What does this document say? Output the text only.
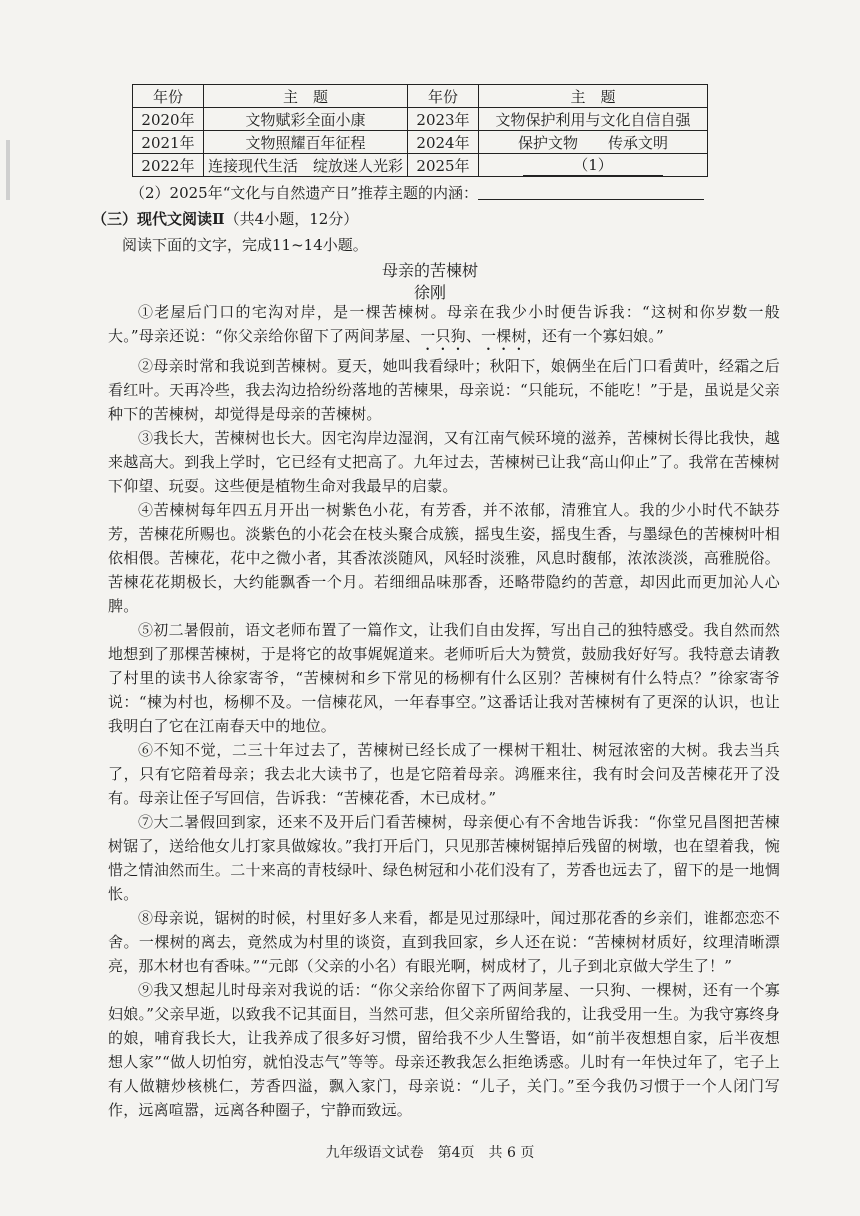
年份	主　题	年份	主　题
2020年	文物赋彩全面小康	2023年	文物保护利用与文化自信自强
2021年	文物照耀百年征程	2024年	保护文物　　传承文明
2022年	连接现代生活　绽放迷人光彩	2025年	（1）
（2）2025年“文化与自然遗产日”推荐主题的内涵：
（三）现代文阅读Ⅱ（共4小题，12分）
阅读下面的文字，完成11~14小题。
母亲的苦楝树
徐刚
①老屋后门口的宅沟对岸，是一棵苦楝树。母亲在我少小时便告诉我：“这树和你岁数一般大。”母亲还说：“你父亲给你留下了两间茅屋、一只狗、一棵树，还有一个寡妇娘。”
②母亲时常和我说到苦楝树。夏天，她叫我看绿叶；秋阳下，娘俩坐在后门口看黄叶，经霜之后看红叶。天再冷些，我去沟边拾纷纷落地的苦楝果，母亲说：“只能玩，不能吃！”于是，虽说是父亲种下的苦楝树，却觉得是母亲的苦楝树。
③我长大，苦楝树也长大。因宅沟岸边湿润，又有江南气候环境的滋养，苦楝树长得比我快，越来越高大。到我上学时，它已经有丈把高了。九年过去，苦楝树已让我“高山仰止”了。我常在苦楝树下仰望、玩耍。这些便是植物生命对我最早的启蒙。
④苦楝树每年四五月开出一树紫色小花，有芳香，并不浓郁，清雅宜人。我的少小时代不缺芬芳，苦楝花所赐也。淡紫色的小花会在枝头聚合成簇，摇曳生姿，摇曳生香，与墨绿色的苦楝树叶相依相偎。苦楝花，花中之微小者，其香浓淡随风，风轻时淡雅，风息时馥郁，浓浓淡淡，高雅脱俗。苦楝花花期极长，大约能飘香一个月。若细细品味那香，还略带隐约的苦意，却因此而更加沁人心脾。
⑤初二暑假前，语文老师布置了一篇作文，让我们自由发挥，写出自己的独特感受。我自然而然地想到了那棵苦楝树，于是将它的故事娓娓道来。老师听后大为赞赏，鼓励我好好写。我特意去请教了村里的读书人徐家寄爷，“苦楝树和乡下常见的杨柳有什么区别？苦楝树有什么特点？”徐家寄爷说：“楝为村也，杨柳不及。一信楝花风，一年春事空。”这番话让我对苦楝树有了更深的认识，也让我明白了它在江南春天中的地位。
⑥不知不觉，二三十年过去了，苦楝树已经长成了一棵树干粗壮、树冠浓密的大树。我去当兵了，只有它陪着母亲；我去北大读书了，也是它陪着母亲。鸿雁来往，我有时会问及苦楝花开了没有。母亲让侄子写回信，告诉我：“苦楝花香，木已成材。”
⑦大二暑假回到家，还来不及开后门看苦楝树，母亲便心有不舍地告诉我：“你堂兄昌图把苦楝树锯了，送给他女儿打家具做嫁妆。”我打开后门，只见那苦楝树锯掉后残留的树墩，也在望着我，惋惜之情油然而生。二十来高的青枝绿叶、绿色树冠和小花们没有了，芳香也远去了，留下的是一地惆怅。
⑧母亲说，锯树的时候，村里好多人来看，都是见过那绿叶，闻过那花香的乡亲们，谁都恋恋不舍。一棵树的离去，竟然成为村里的谈资，直到我回家，乡人还在说：“苦楝树材质好，纹理清晰漂亮，那木材也有香味。”“元郎（父亲的小名）有眼光啊，树成材了，儿子到北京做大学生了！”
九年级语文试卷　第4页　共 6 页
⑨我又想起儿时母亲对我说的话：“你父亲给你留下了两间茅屋、一只狗、一棵树，还有一个寡妇娘。”父亲早逝，以致我不记其面目，当然可悲，但父亲所留给我的，让我受用一生。为我守寡终身的娘，哺育我长大，让我养成了很多好习惯，留给我不少人生警语，如“前半夜想想自家，后半夜想想人家”“做人切怕穷，就怕没志气”等等。母亲还教我怎么拒绝诱惑。儿时有一年快过年了，宅子上有人做糖炒核桃仁，芳香四溢，飘入家门，母亲说：“儿子，关门。”至今我仍习惯于一个人闭门写作，远离喧嚣，远离各种圈子，宁静而致远。
